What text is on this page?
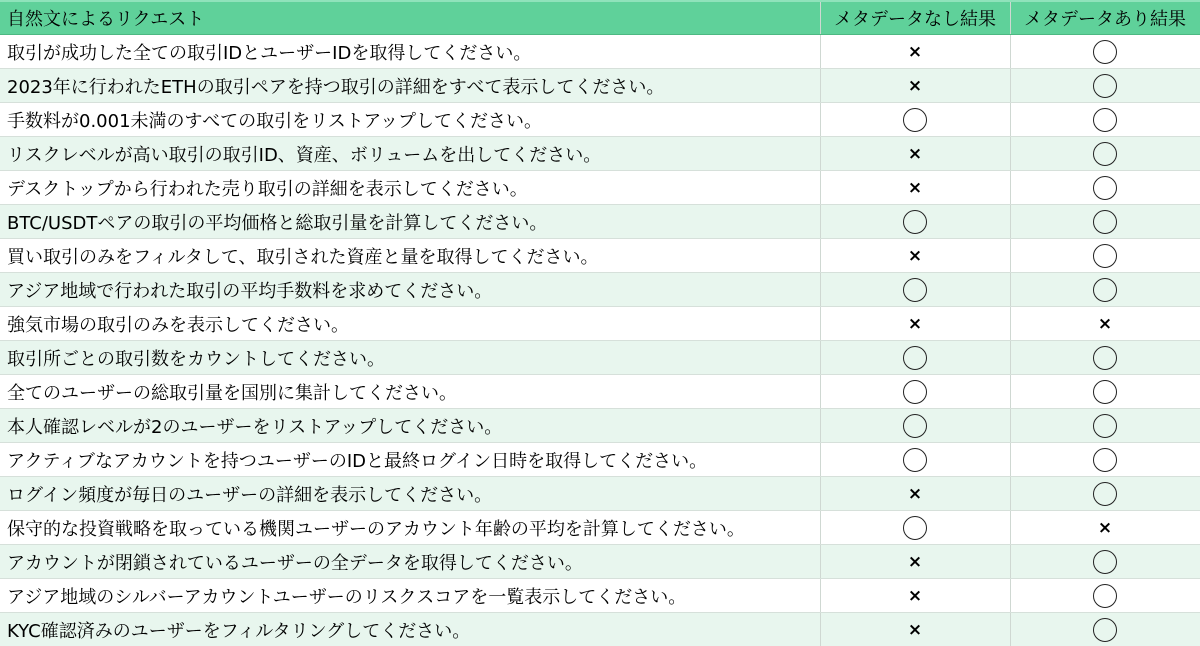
自然文によるリクエスト	メタデータなし結果	メタデータあり結果
取引が成功した全ての取引IDとユーザーIDを取得してください。	×	
2023年に行われたETHの取引ペアを持つ取引の詳細をすべて表示してください。	×	
手数料が0.001未満のすべての取引をリストアップしてください。		
リスクレベルが高い取引の取引ID、資産、ボリュームを出してください。	×	
デスクトップから行われた売り取引の詳細を表示してください。	×	
BTC/USDTペアの取引の平均価格と総取引量を計算してください。		
買い取引のみをフィルタして、取引された資産と量を取得してください。	×	
アジア地域で行われた取引の平均手数料を求めてください。		
強気市場の取引のみを表示してください。	×	×
取引所ごとの取引数をカウントしてください。		
全てのユーザーの総取引量を国別に集計してください。		
本人確認レベルが2のユーザーをリストアップしてください。		
アクティブなアカウントを持つユーザーのIDと最終ログイン日時を取得してください。		
ログイン頻度が毎日のユーザーの詳細を表示してください。	×	
保守的な投資戦略を取っている機関ユーザーのアカウント年齢の平均を計算してください。		×
アカウントが閉鎖されているユーザーの全データを取得してください。	×	
アジア地域のシルバーアカウントユーザーのリスクスコアを一覧表示してください。	×	
KYC確認済みのユーザーをフィルタリングしてください。	×	
